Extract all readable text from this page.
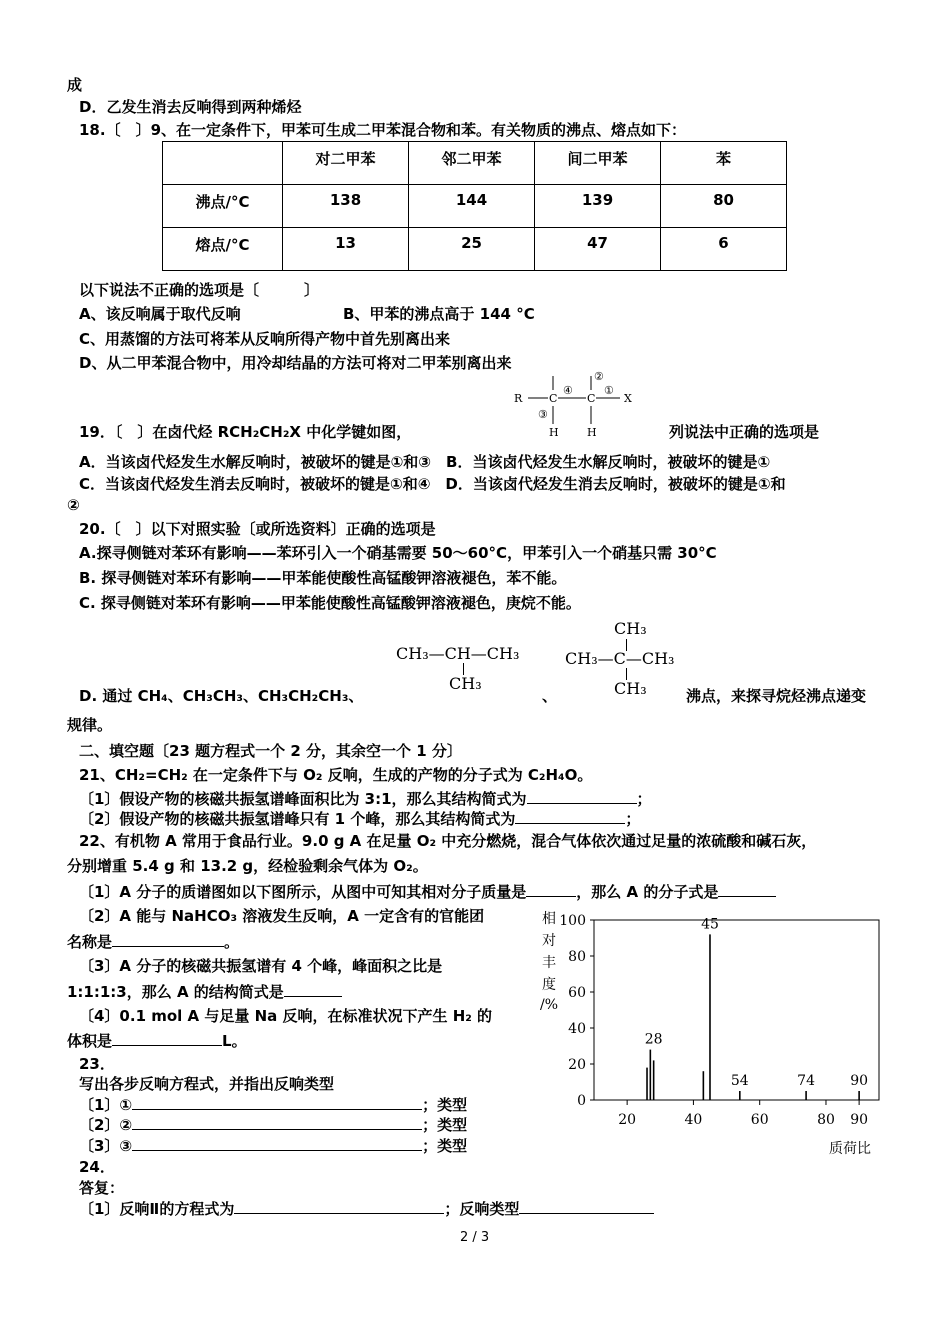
成
D．乙发生消去反响得到两种烯烃
18.〔　〕9、在一定条件下，甲苯可生成二甲苯混合物和苯。有关物质的沸点、熔点如下：
	对二甲苯	邻二甲苯	间二甲苯	苯
沸点/°C	138	144	139	80
熔点/°C	13	25	47	6
以下说法不正确的选项是〔　　　〕
A、该反响属于取代反响	B、甲苯的沸点高于 144 °C
C、用蒸馏的方法可将苯从反响所得产物中首先别离出来
D、从二甲苯混合物中，用冷却结晶的方法可将对二甲苯别离出来
R C	C	X
H	H
④
②
①
③
19．〔　〕在卤代烃 RCH₂CH₂X 中化学键如图，	列说法中正确的选项是
A．当该卤代烃发生水解反响时，被破坏的键是①和③　B．当该卤代烃发生水解反响时，被破坏的键是①
C．当该卤代烃发生消去反响时，被破坏的键是①和④　D．当该卤代烃发生消去反响时，被破坏的键是①和
②
20.〔　〕以下对照实验〔或所选资料〕正确的选项是
A.探寻侧链对苯环有影响——苯环引入一个硝基需要 50～60°C，甲苯引入一个硝基只需 30°C
B. 探寻侧链对苯环有影响——甲苯能使酸性高锰酸钾溶液褪色，苯不能。
C. 探寻侧链对苯环有影响——甲苯能使酸性高锰酸钾溶液褪色，庚烷不能。
CH₃—CH—CH₃
CH₃
CH₃
CH₃—C—CH₃
CH₃
D. 通过 CH₄、CH₃CH₃、CH₃CH₂CH₃、	、	沸点，来探寻烷烃沸点递变
规律。
二、填空题〔23 题方程式一个 2 分，其余空一个 1 分〕
21、CH₂=CH₂ 在一定条件下与 O₂ 反响，生成的产物的分子式为 C₂H₄O。
〔1〕假设产物的核磁共振氢谱峰面积比为 3:1，那么其结构简式为	；
〔2〕假设产物的核磁共振氢谱峰只有 1 个峰，那么其结构简式为	；
22、有机物 A 常用于食品行业。9.0 g A 在足量 O₂ 中充分燃烧，混合气体依次通过足量的浓硫酸和碱石灰，
分别增重 5.4 g 和 13.2 g，经检验剩余气体为 O₂。
〔1〕A 分子的质谱图如以下图所示，从图中可知其相对分子质量是	，那么 A 的分子式是
〔2〕A 能与 NaHCO₃ 溶液发生反响，A 一定含有的官能团
名称是	。
〔3〕A 分子的核磁共振氢谱有 4 个峰，峰面积之比是
1:1:1:3，那么 A 的结构简式是
〔4〕0.1 mol A 与足量 Na 反响，在标准状况下产生 H₂ 的
体积是	L。
相
对
丰
度
/%
0
20
40
60
80
100
20	40	60	80 90
28
45
54	74	90
质荷比
23．
写出各步反响方程式，并指出反响类型
〔1〕①	；类型
〔2〕②	；类型
〔3〕③	；类型
24．
答复：
〔1〕反响Ⅱ的方程式为	；反响类型
2 / 3
